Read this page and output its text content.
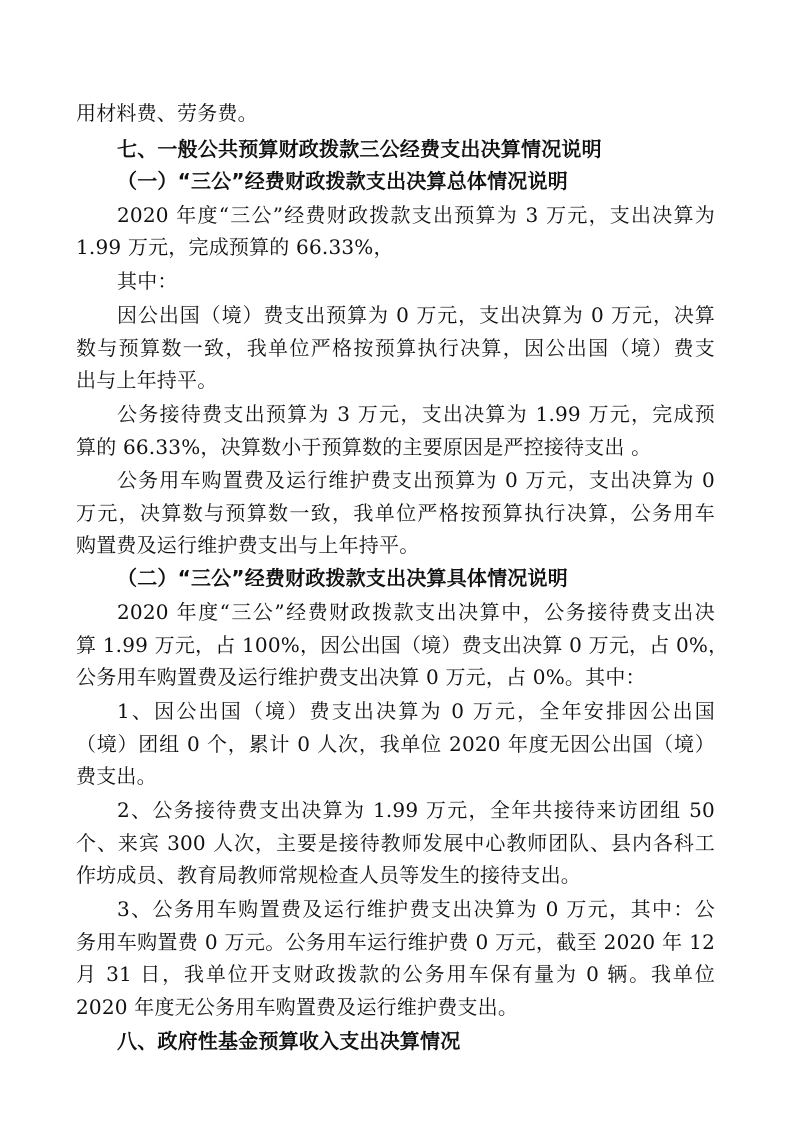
用材料费、劳务费。
七、一般公共预算财政拨款三公经费支出决算情况说明
（一）“三公”经费财政拨款支出决算总体情况说明
2020 年度“三公”经费财政拨款支出预算为 3 万元，支出决算为
1.99 万元，完成预算的 66.33%，
其中：
因公出国（境）费支出预算为 0 万元，支出决算为 0 万元，决算
数与预算数一致，我单位严格按预算执行决算，因公出国（境）费支
出与上年持平。
公务接待费支出预算为 3 万元，支出决算为 1.99 万元，完成预
算的 66.33%，决算数小于预算数的主要原因是严控接待支出 。
公务用车购置费及运行维护费支出预算为 0 万元，支出决算为 0
万元，决算数与预算数一致，我单位严格按预算执行决算，公务用车
购置费及运行维护费支出与上年持平。
（二）“三公”经费财政拨款支出决算具体情况说明
2020 年度“三公”经费财政拨款支出决算中，公务接待费支出决
算 1.99 万元，占 100%，因公出国（境）费支出决算 0 万元，占 0%，
公务用车购置费及运行维护费支出决算 0 万元，占 0%。其中：
1、因公出国（境）费支出决算为 0 万元，全年安排因公出国
（境）团组 0 个，累计 0 人次，我单位 2020 年度无因公出国（境）
费支出。
2、公务接待费支出决算为 1.99 万元，全年共接待来访团组 50
个、来宾 300 人次，主要是接待教师发展中心教师团队、县内各科工
作坊成员、教育局教师常规检查人员等发生的接待支出。
3、公务用车购置费及运行维护费支出决算为 0 万元，其中：公
务用车购置费 0 万元。公务用车运行维护费 0 万元，截至 2020 年 12
月 31 日，我单位开支财政拨款的公务用车保有量为 0 辆。我单位
2020 年度无公务用车购置费及运行维护费支出。
八、政府性基金预算收入支出决算情况
